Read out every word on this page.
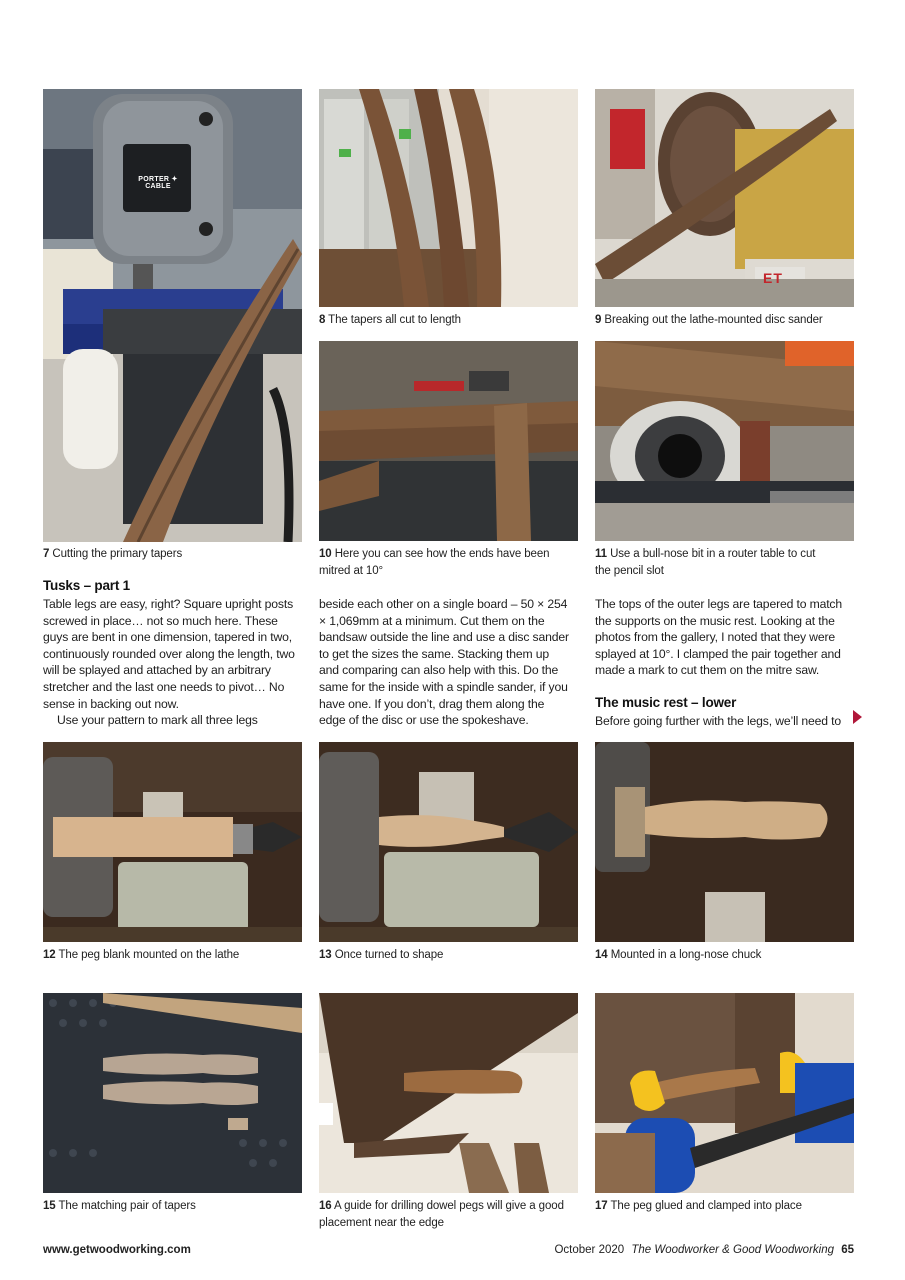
PORTER ✦ CABLE
ET
7 Cutting the primary tapers
8 The tapers all cut to length	9 Breaking out the lathe-mounted disc sander
10 Here you can see how the ends have been mitred at 10°
11 Use a bull-nose bit in a router table to cut the pencil slot
12 The peg blank mounted on the lathe	13 Once turned to shape	14 Mounted in a long-nose chuck
15 The matching pair of tapers	16 A guide for drilling dowel pegs will give a good placement near the edge
17 The peg glued and clamped into place
Tusks – part 1

Table legs are easy, right? Square upright posts screwed in place… not so much here. These guys are bent in one dimension, tapered in two, continuously rounded over along the length, two will be splayed and attached by an arbitrary stretcher and the last one needs to pivot… No sense in backing out now.

Use your pattern to mark all three legs

beside each other on a single board – 50 × 254 × 1,069mm at a minimum. Cut them on the bandsaw outside the line and use a disc sander to get the sizes the same. Stacking them up and comparing can also help with this. Do the same for the inside with a spindle sander, if you have one. If you don’t, drag them along the edge of the disc or use the spokeshave.

The tops of the outer legs are tapered to match the supports on the music rest. Looking at the photos from the gallery, I noted that they were splayed at 10°. I clamped the pair together and made a mark to cut them on the mitre saw.

The music rest – lower

Before going further with the legs, we’ll need to

www.getwoodworking.com	October 2020 The Woodworker & Good Woodworking 65
